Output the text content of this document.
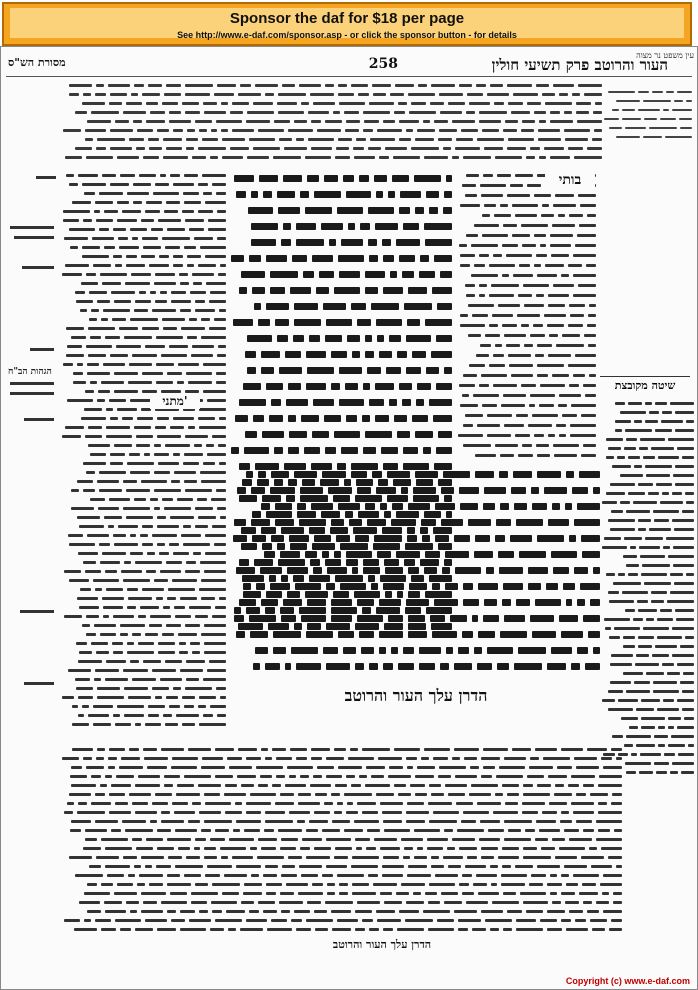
Sponsor the daf for $18 per page
See http://www.e-daf.com/sponsor.asp - or click the sponsor button - for details
העור והרוטב פרק תשיעי חולין
258
מסורת הש"ס
עין משפט נר מצוה
הדרן עלך העור והרוטב
הדרן עלך העור והרוטב
בותי
מתני'
שיטה מקובצת
הגהות הב"ח
Copyright (c) www.e-daf.com
